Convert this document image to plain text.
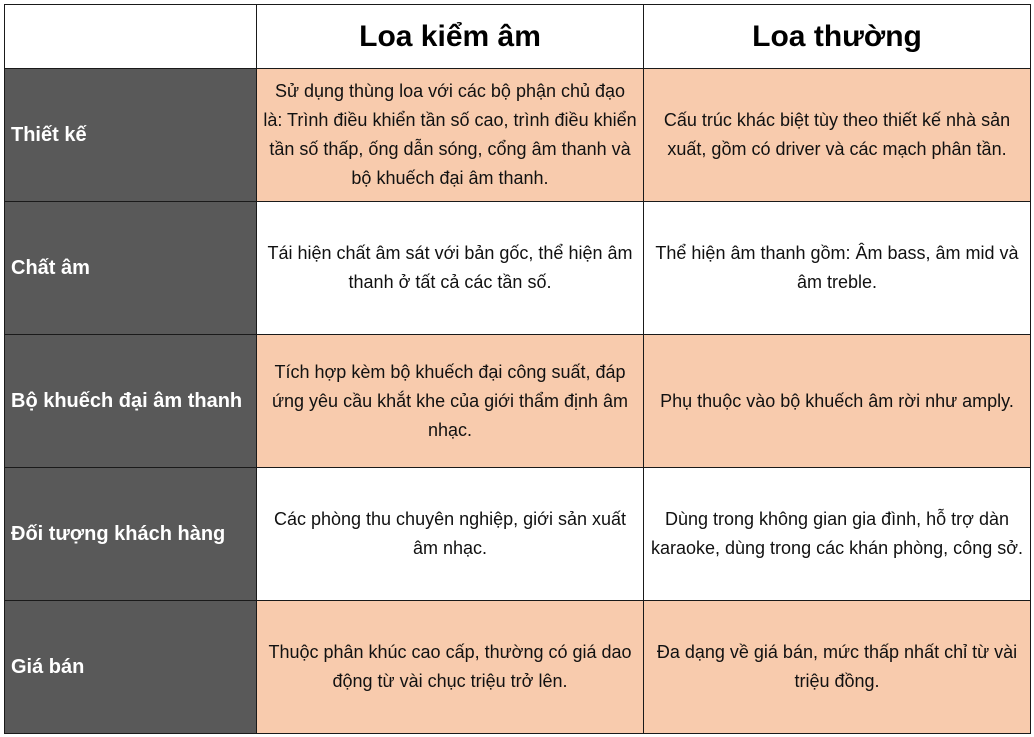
	Loa kiểm âm	Loa thường
Thiết kế	Sử dụng thùng loa với các bộ phận chủ đạo là: Trình điều khiển tần số cao, trình điều khiển tần số thấp, ống dẫn sóng, cổng âm thanh và bộ khuếch đại âm thanh.	Cấu trúc khác biệt tùy theo thiết kế nhà sản xuất, gồm có driver và các mạch phân tần.
Chất âm	Tái hiện chất âm sát với bản gốc, thể hiện âm thanh ở tất cả các tần số.	Thể hiện âm thanh gồm: Âm bass, âm mid và âm treble.
Bộ khuếch đại âm thanh	Tích hợp kèm bộ khuếch đại công suất, đáp ứng yêu cầu khắt khe của giới thẩm định âm nhạc.	Phụ thuộc vào bộ khuếch âm rời như amply.
Đối tượng khách hàng	Các phòng thu chuyên nghiệp, giới sản xuất âm nhạc.	Dùng trong không gian gia đình, hỗ trợ dàn karaoke, dùng trong các khán phòng, công sở.
Giá bán	Thuộc phân khúc cao cấp, thường có giá dao động từ vài chục triệu trở lên.	Đa dạng về giá bán, mức thấp nhất chỉ từ vài triệu đồng.
